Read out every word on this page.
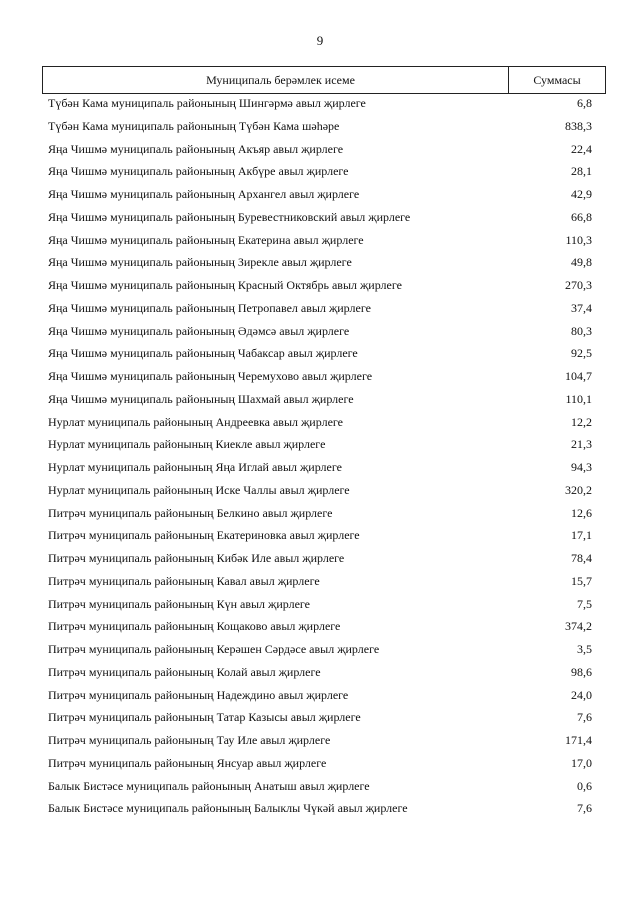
9
Муниципаль берәмлек исеме	Суммасы
Түбән Кама муниципаль районының Шингәрмә авыл җирлеге	6,8
Түбән Кама муниципаль районының Түбән Кама шәһәре	838,3
Яңа Чишмә муниципаль районының Акъяр авыл җирлеге	22,4
Яңа Чишмә муниципаль районының Акбүре авыл җирлеге	28,1
Яңа Чишмә муниципаль районының Архангел авыл җирлеге	42,9
Яңа Чишмә муниципаль районының Буревестниковский авыл җирлеге	66,8
Яңа Чишмә муниципаль районының Екатерина авыл җирлеге	110,3
Яңа Чишмә муниципаль районының Зирекле авыл җирлеге	49,8
Яңа Чишмә муниципаль районының Красный Октябрь авыл җирлеге	270,3
Яңа Чишмә муниципаль районының Петропавел авыл җирлеге	37,4
Яңа Чишмә муниципаль районының Әдәмсә авыл җирлеге	80,3
Яңа Чишмә муниципаль районының Чабаксар авыл җирлеге	92,5
Яңа Чишмә муниципаль районының Черемухово авыл җирлеге	104,7
Яңа Чишмә муниципаль районының Шахмай авыл җирлеге	110,1
Нурлат муниципаль районының Андреевка авыл җирлеге	12,2
Нурлат муниципаль районының Киекле авыл җирлеге	21,3
Нурлат муниципаль районының Яңа Иглай авыл җирлеге	94,3
Нурлат муниципаль районының Иске Чаллы авыл җирлеге	320,2
Питрәч муниципаль районының Белкино авыл җирлеге	12,6
Питрәч муниципаль районының Екатериновка авыл җирлеге	17,1
Питрәч муниципаль районының Кибәк Иле авыл җирлеге	78,4
Питрәч муниципаль районының Кавал авыл җирлеге	15,7
Питрәч муниципаль районының Күн авыл җирлеге	7,5
Питрәч муниципаль районының Кощаково авыл җирлеге	374,2
Питрәч муниципаль районының Керәшен Сәрдәсе авыл җирлеге	3,5
Питрәч муниципаль районының Колай авыл җирлеге	98,6
Питрәч муниципаль районының Надеждино авыл җирлеге	24,0
Питрәч муниципаль районының Татар Казысы авыл җирлеге	7,6
Питрәч муниципаль районының Тау Иле авыл җирлеге	171,4
Питрәч муниципаль районының Янсуар авыл җирлеге	17,0
Балык Бистәсе муниципаль районының Анатыш авыл җирлеге	0,6
Балык Бистәсе муниципаль районының Балыклы Чүкәй авыл җирлеге	7,6
